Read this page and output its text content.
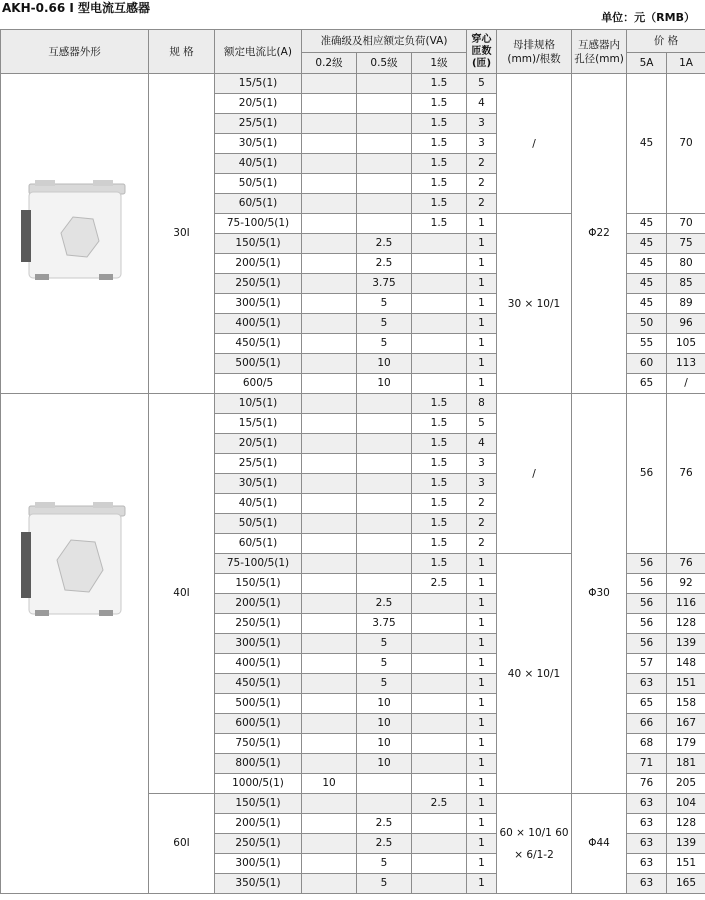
AKH-0.66 I 型电流互感器
单位：元（RMB）
互感器外形	规 格	额定电流比(A)	准确级及相应额定负荷(VA)			穿心 匝数 (匝)	母排规格 (mm)/根数	互感器内 孔径(mm)	价 格	
			0.2级	0.5级	1级				5A	1A
	30I	15/5(1)			1.5	5	/	Φ22	45	70
		20/5(1)			1.5	4				
		25/5(1)			1.5	3				
		30/5(1)			1.5	3				
		40/5(1)			1.5	2				
		50/5(1)			1.5	2				
		60/5(1)			1.5	2				
		75-100/5(1)			1.5	1	30 × 10/1		45	70
		150/5(1)		2.5		1			45	75
		200/5(1)		2.5		1			45	80
		250/5(1)		3.75		1			45	85
		300/5(1)		5		1			45	89
		400/5(1)		5		1			50	96
		450/5(1)		5		1			55	105
		500/5(1)		10		1			60	113
		600/5		10		1			65	/

	40I	10/5(1)			1.5	8	/	Φ30	56	76
		15/5(1)			1.5	5				
		20/5(1)			1.5	4				
		25/5(1)			1.5	3				
		30/5(1)			1.5	3				
		40/5(1)			1.5	2				
		50/5(1)			1.5	2				
		60/5(1)			1.5	2				
		75-100/5(1)			1.5	1	40 × 10/1		56	76
		150/5(1)			2.5	1			56	92
		200/5(1)		2.5		1			56	116
		250/5(1)		3.75		1			56	128
		300/5(1)		5		1			56	139
		400/5(1)		5		1			57	148
		450/5(1)		5		1			63	151
		500/5(1)		10		1			65	158
		600/5(1)		10		1			66	167
		750/5(1)		10		1			68	179
		800/5(1)		10		1			71	181
		1000/5(1)	10			1			76	205
	60I	150/5(1)			2.5	1	60 × 10/1 60 × 6/1-2	Φ44	63	104
		200/5(1)		2.5		1			63	128
		250/5(1)		2.5		1			63	139
		300/5(1)		5		1			63	151
		350/5(1)		5		1			63	165
